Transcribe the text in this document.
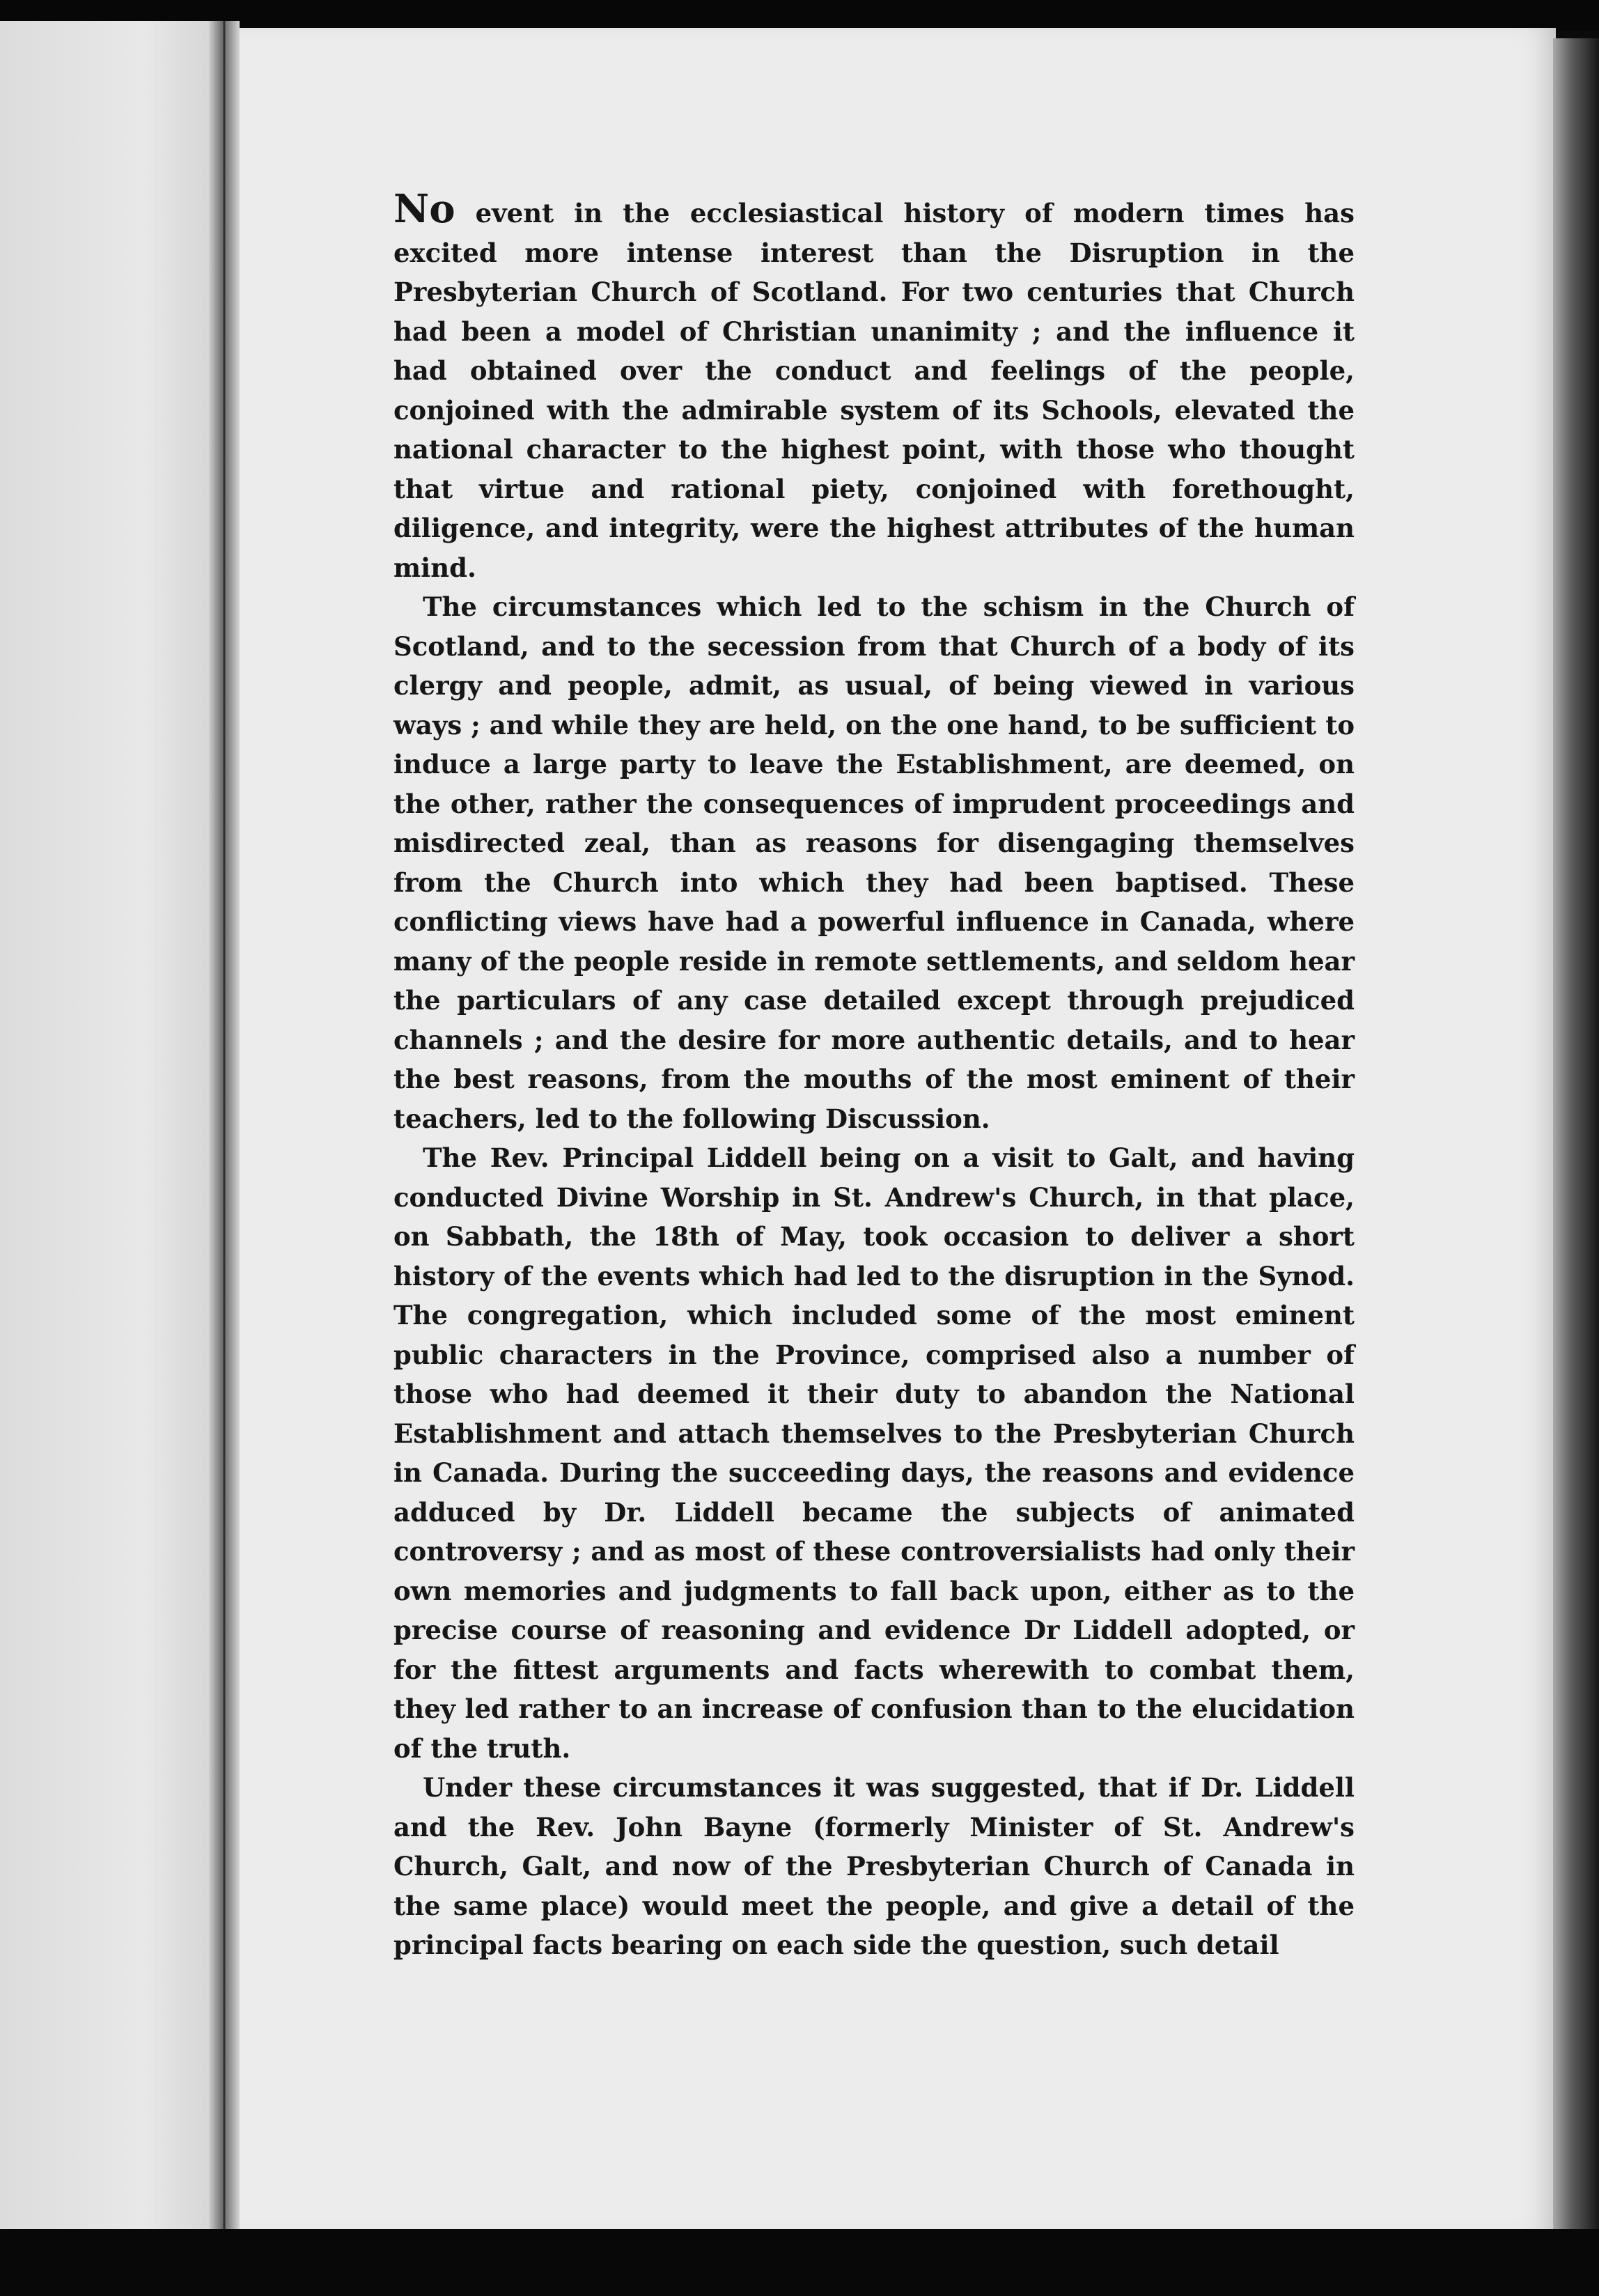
No event in the ecclesiastical history of modern times has excited more intense interest than the Disruption in the Presbyterian Church of Scotland. For two centuries that Church had been a model of Christian unanimity ; and the influence it had obtained over the conduct and feelings of the people, conjoined with the admirable system of its Schools, elevated the national character to the highest point, with those who thought that virtue and rational piety, conjoined with forethought, diligence, and integrity, were the highest attributes of the human mind.

The circumstances which led to the schism in the Church of Scotland, and to the secession from that Church of a body of its clergy and people, admit, as usual, of being viewed in various ways ; and while they are held, on the one hand, to be sufficient to induce a large party to leave the Establishment, are deemed, on the other, rather the consequences of imprudent proceedings and misdirected zeal, than as reasons for disengaging themselves from the Church into which they had been baptised. These conflicting views have had a powerful influence in Canada, where many of the people reside in remote settlements, and seldom hear the particulars of any case detailed except through prejudiced channels ; and the desire for more authentic details, and to hear the best reasons, from the mouths of the most eminent of their teachers, led to the following Discussion.

The Rev. Principal Liddell being on a visit to Galt, and having conducted Divine Worship in St. Andrew's Church, in that place, on Sabbath, the 18th of May, took occasion to deliver a short history of the events which had led to the disruption in the Synod. The congregation, which included some of the most eminent public characters in the Province, comprised also a number of those who had deemed it their duty to abandon the National Establishment and attach themselves to the Presbyterian Church in Canada. During the succeeding days, the reasons and evidence adduced by Dr. Liddell became the subjects of animated controversy ; and as most of these controversialists had only their own memories and judgments to fall back upon, either as to the precise course of reasoning and evidence Dr Liddell adopted, or for the fittest arguments and facts wherewith to combat them, they led rather to an increase of confusion than to the elucidation of the truth.

Under these circumstances it was suggested, that if Dr. Liddell and the Rev. John Bayne (formerly Minister of St. Andrew's Church, Galt, and now of the Presbyterian Church of Canada in the same place) would meet the people, and give a detail of the principal facts bearing on each side the question, such detail
